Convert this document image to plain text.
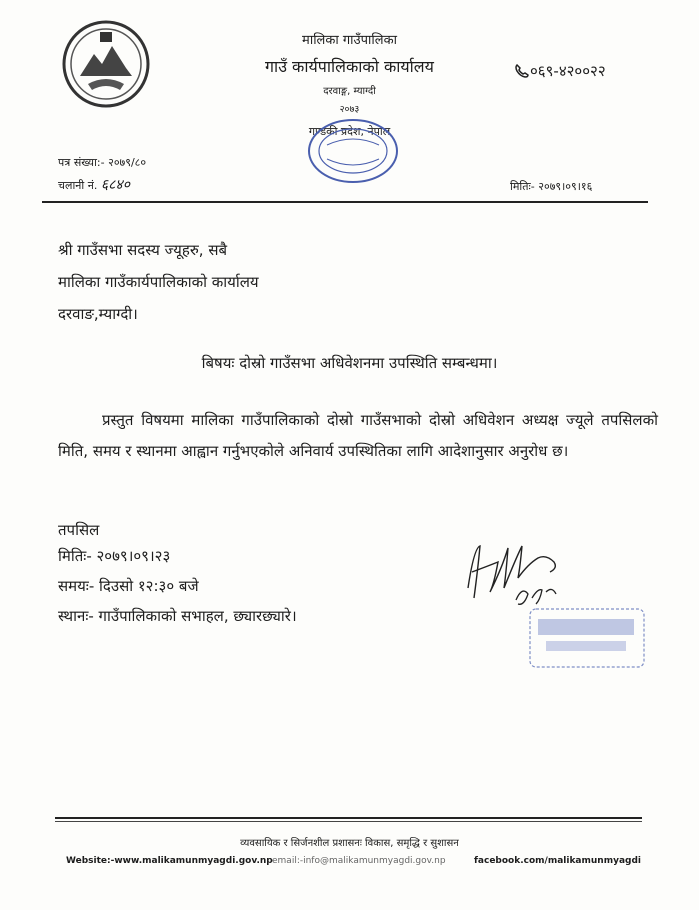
मालिका गाउँपालिका
गाउँ कार्यपालिकाको कार्यालय
दरवाङ्ग, म्याग्दी
२०७३
गण्डकी प्रदेश, नेपाल
०६९-४२००२२
पत्र संख्या:- २०७९/८०
चलानी नं. ६८४०	मितिः- २०७९।०९।१६
श्री गाउँसभा सदस्य ज्यूहरु, सबै
मालिका गाउँकार्यपालिकाको कार्यालय
दरवाङ,म्याग्दी।
बिषयः दोस्रो गाउँसभा अधिवेशनमा उपस्थिति सम्बन्धमा।
प्रस्तुत विषयमा मालिका गाउँपालिकाको दोस्रो गाउँसभाको दोस्रो अधिवेशन अध्यक्ष ज्यूले तपसिलको मिति, समय र स्थानमा आह्वान गर्नुभएकोले अनिवार्य उपस्थितिका लागि आदेशानुसार अनुरोध छ।
तपसिल
मितिः- २०७९।०९।२३
समयः- दिउसो १२:३० बजे
स्थानः- गाउँपालिकाको सभाहल, छ्यारछ्यारे।
व्यवसायिक र सिर्जनशील प्रशासनः विकास, समृद्धि र सुशासन
Website:-www.malikamunmyagdi.gov.np email:-info@malikamunmyagdi.gov.np	facebook.com/malikamunmyagdi
